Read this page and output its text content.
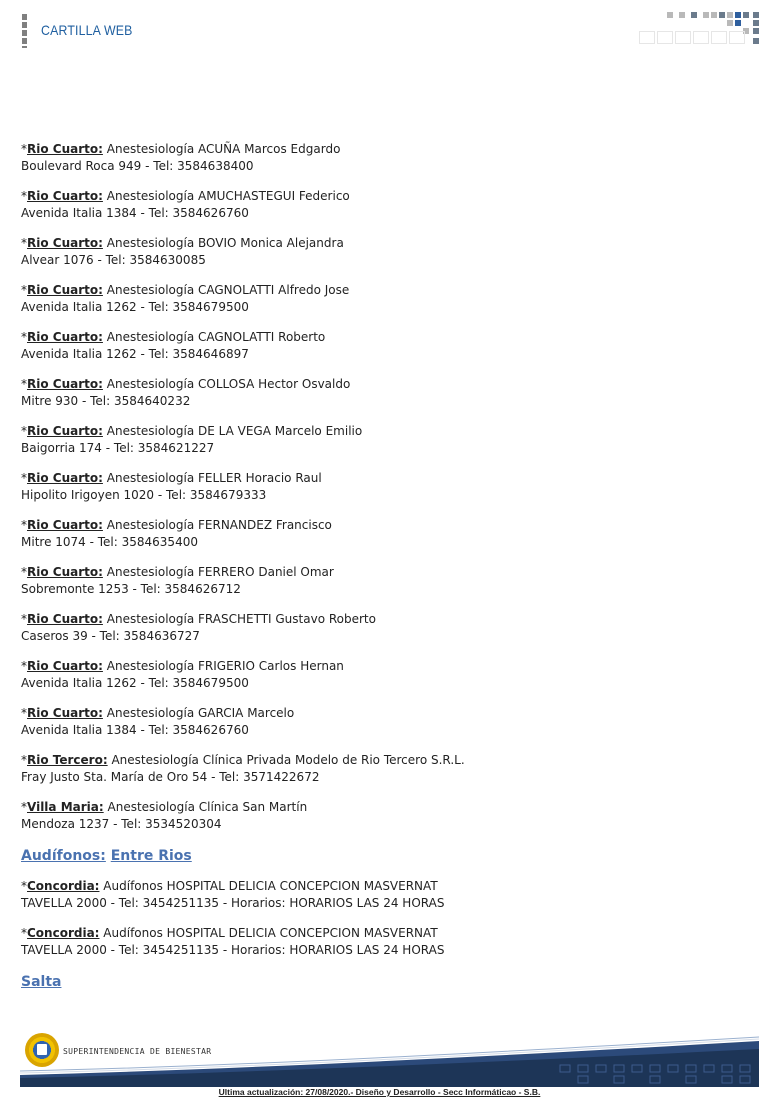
CARTILLA WEB
*Rio Cuarto: Anestesiología ACUÑA Marcos Edgardo
Boulevard Roca 949 - Tel: 3584638400
*Rio Cuarto: Anestesiología AMUCHASTEGUI Federico
Avenida Italia 1384 - Tel: 3584626760
*Rio Cuarto: Anestesiología BOVIO Monica Alejandra
Alvear 1076 - Tel: 3584630085
*Rio Cuarto: Anestesiología CAGNOLATTI Alfredo Jose
Avenida Italia 1262 - Tel: 3584679500
*Rio Cuarto: Anestesiología CAGNOLATTI Roberto
Avenida Italia 1262 - Tel: 3584646897
*Rio Cuarto: Anestesiología COLLOSA Hector Osvaldo
Mitre 930 - Tel: 3584640232
*Rio Cuarto: Anestesiología DE LA VEGA Marcelo Emilio
Baigorria 174 - Tel: 3584621227
*Rio Cuarto: Anestesiología FELLER Horacio Raul
Hipolito Irigoyen 1020 - Tel: 3584679333
*Rio Cuarto: Anestesiología FERNANDEZ Francisco
Mitre 1074 - Tel: 3584635400
*Rio Cuarto: Anestesiología FERRERO Daniel Omar
Sobremonte 1253 - Tel: 3584626712
*Rio Cuarto: Anestesiología FRASCHETTI Gustavo Roberto
Caseros 39 - Tel: 3584636727
*Rio Cuarto: Anestesiología FRIGERIO Carlos Hernan
Avenida Italia 1262 - Tel: 3584679500
*Rio Cuarto: Anestesiología GARCIA Marcelo
Avenida Italia 1384 - Tel: 3584626760
*Rio Tercero: Anestesiología Clínica Privada Modelo de Rio Tercero S.R.L.
Fray Justo Sta. María de Oro 54 - Tel: 3571422672
*Villa Maria: Anestesiología Clínica San Martín
Mendoza 1237 - Tel: 3534520304
Audífonos: Entre Rios
*Concordia: Audífonos HOSPITAL DELICIA CONCEPCION MASVERNAT
TAVELLA 2000 - Tel: 3454251135 - Horarios: HORARIOS LAS 24 HORAS
*Concordia: Audífonos HOSPITAL DELICIA CONCEPCION MASVERNAT
TAVELLA 2000 - Tel: 3454251135 - Horarios: HORARIOS LAS 24 HORAS
Salta
SUPERINTENDENCIA DE BIENESTAR
Ultima actualización: 27/08/2020.- Diseño y Desarrollo - Secc Informáticao - S.B.
